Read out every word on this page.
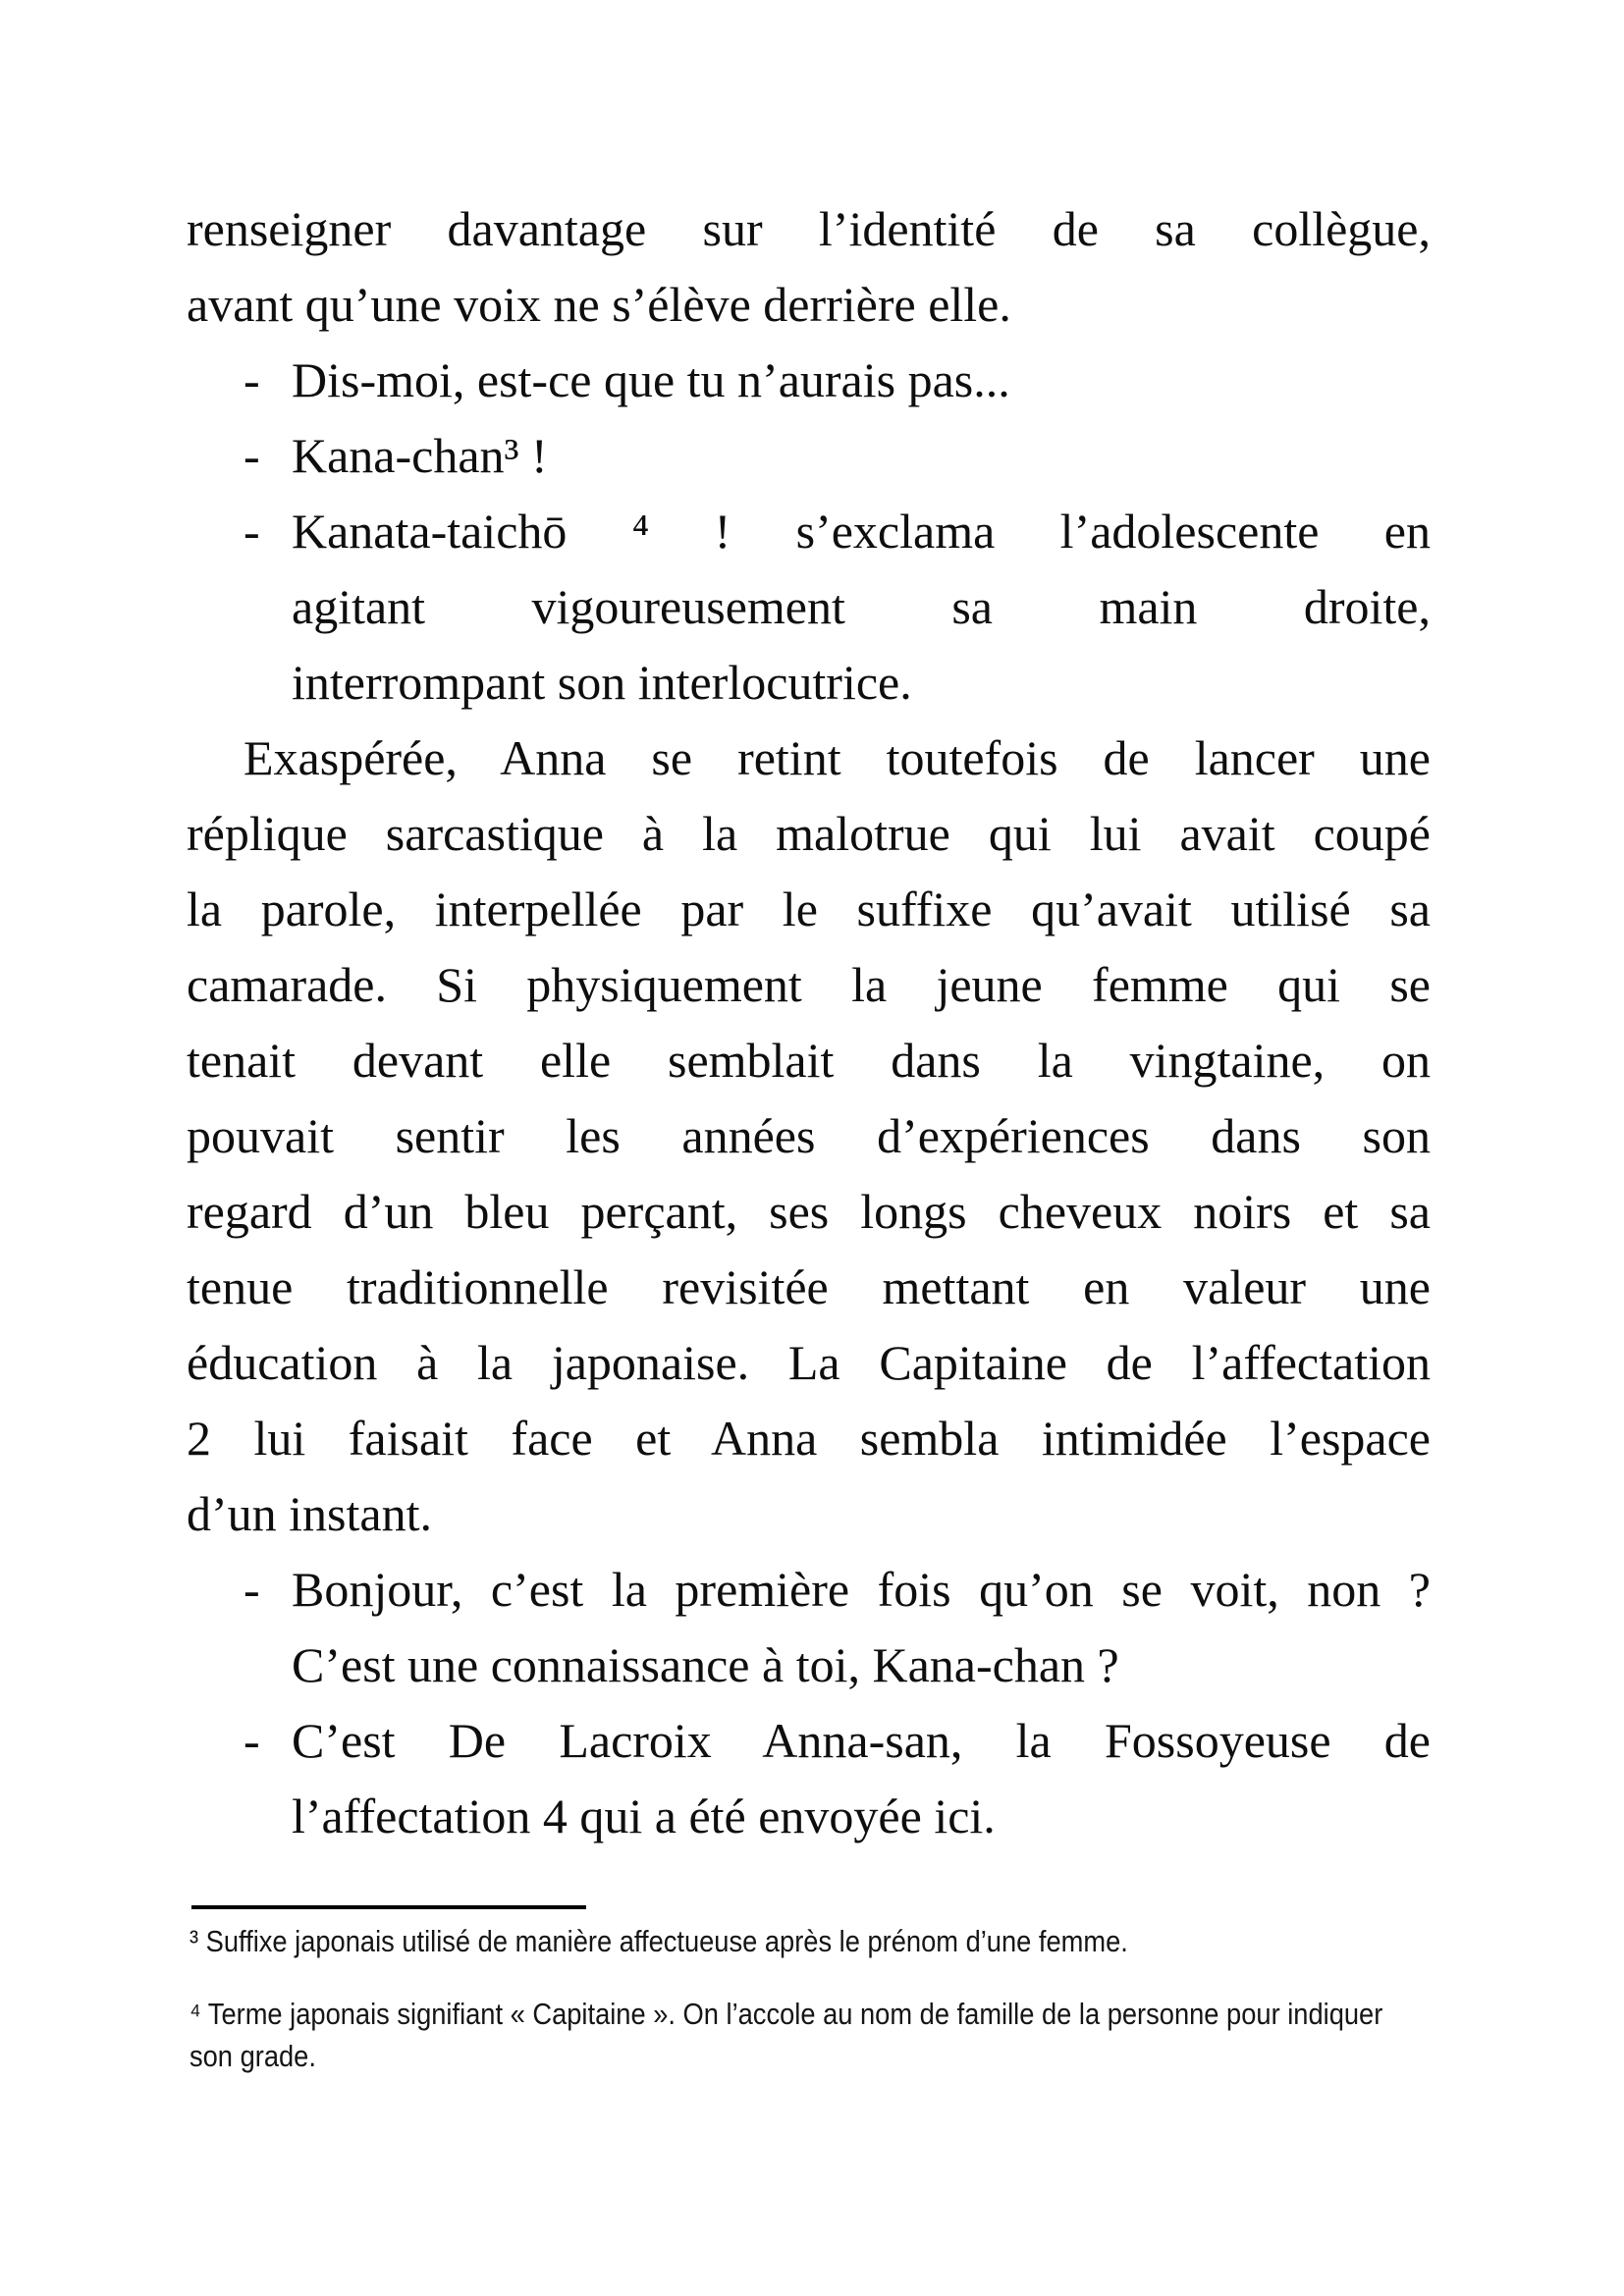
renseigner davantage sur l’identité de sa collègue,
avant qu’une voix ne s’élève derrière elle.
- Dis-moi, est-ce que tu n’aurais pas...
- Kana-chan³ !
- Kanata-taichō ⁴ ! s’exclama l’adolescente en
agitant vigoureusement sa main droite,
interrompant son interlocutrice.
Exaspérée, Anna se retint toutefois de lancer une
réplique sarcastique à la malotrue qui lui avait coupé
la parole, interpellée par le suffixe qu’avait utilisé sa
camarade. Si physiquement la jeune femme qui se
tenait devant elle semblait dans la vingtaine, on
pouvait sentir les années d’expériences dans son
regard d’un bleu perçant, ses longs cheveux noirs et sa
tenue traditionnelle revisitée mettant en valeur une
éducation à la japonaise. La Capitaine de l’affectation
2 lui faisait face et Anna sembla intimidée l’espace
d’un instant.
- Bonjour, c’est la première fois qu’on se voit, non ?
C’est une connaissance à toi, Kana-chan ?
- C’est De Lacroix Anna-san, la Fossoyeuse de
l’affectation 4 qui a été envoyée ici.
³ Suffixe japonais utilisé de manière affectueuse après le prénom d’une femme.
⁴ Terme japonais signifiant « Capitaine ». On l’accole au nom de famille de la personne pour indiquer
son grade.
